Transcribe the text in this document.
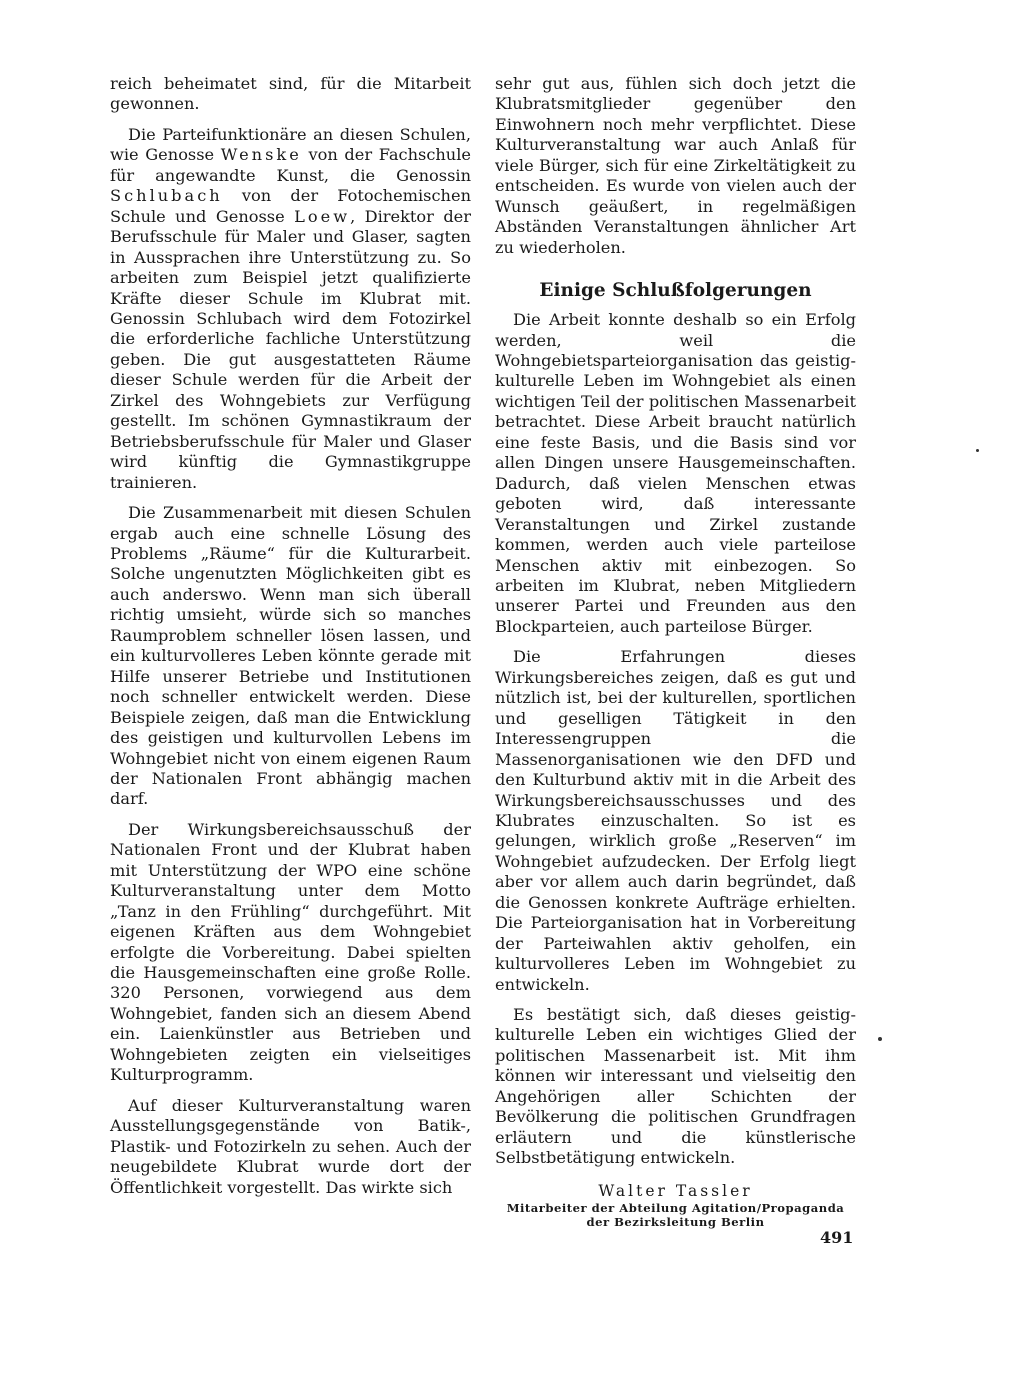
reich beheimatet sind, für die Mitarbeit gewonnen.

Die Parteifunktionäre an diesen Schulen, wie Genosse Wenske von der Fachschule für angewandte Kunst, die Genossin Schlubach von der Fotochemischen Schule und Genosse Loew, Direktor der Berufsschule für Maler und Glaser, sagten in Aussprachen ihre Unterstützung zu. So arbeiten zum Beispiel jetzt qualifizierte Kräfte dieser Schule im Klubrat mit. Genossin Schlubach wird dem Fotozirkel die erforderliche fachliche Unterstützung geben. Die gut ausgestatteten Räume dieser Schule werden für die Arbeit der Zirkel des Wohngebiets zur Verfügung gestellt. Im schönen Gymnastikraum der Betriebsberufsschule für Maler und Glaser wird künftig die Gymnastikgruppe trainieren.

Die Zusammenarbeit mit diesen Schulen ergab auch eine schnelle Lösung des Problems „Räume“ für die Kulturarbeit. Solche ungenutzten Möglichkeiten gibt es auch anderswo. Wenn man sich überall richtig umsieht, würde sich so manches Raumproblem schneller lösen lassen, und ein kulturvolleres Leben könnte gerade mit Hilfe unserer Betriebe und Institutionen noch schneller entwickelt werden. Diese Beispiele zeigen, daß man die Entwicklung des geistigen und kulturvollen Lebens im Wohngebiet nicht von einem eigenen Raum der Nationalen Front abhängig machen darf.

Der Wirkungsbereichsausschuß der Nationalen Front und der Klubrat haben mit Unterstützung der WPO eine schöne Kulturveranstaltung unter dem Motto „Tanz in den Frühling“ durchgeführt. Mit eigenen Kräften aus dem Wohngebiet erfolgte die Vorbereitung. Dabei spielten die Hausgemeinschaften eine große Rolle. 320 Personen, vorwiegend aus dem Wohngebiet, fanden sich an diesem Abend ein. Laienkünstler aus Betrieben und Wohngebieten zeigten ein vielseitiges Kulturprogramm.

Auf dieser Kulturveranstaltung waren Ausstellungsgegenstände von Batik-, Plastik- und Fotozirkeln zu sehen. Auch der neugebildete Klubrat wurde dort der Öffentlichkeit vorgestellt. Das wirkte sich

sehr gut aus, fühlen sich doch jetzt die Klubratsmitglieder gegenüber den Einwohnern noch mehr verpflichtet. Diese Kulturveranstaltung war auch Anlaß für viele Bürger, sich für eine Zirkeltätigkeit zu entscheiden. Es wurde von vielen auch der Wunsch geäußert, in regelmäßigen Abständen Veranstaltungen ähnlicher Art zu wiederholen.

Einige Schlußfolgerungen

Die Arbeit konnte deshalb so ein Erfolg werden, weil die Wohngebietsparteiorganisation das geistig-kulturelle Leben im Wohngebiet als einen wichtigen Teil der politischen Massenarbeit betrachtet. Diese Arbeit braucht natürlich eine feste Basis, und die Basis sind vor allen Dingen unsere Hausgemeinschaften. Dadurch, daß vielen Menschen etwas geboten wird, daß interessante Veranstaltungen und Zirkel zustande kommen, werden auch viele parteilose Menschen aktiv mit einbezogen. So arbeiten im Klubrat, neben Mitgliedern unserer Partei und Freunden aus den Blockparteien, auch parteilose Bürger.

Die Erfahrungen dieses Wirkungsbereiches zeigen, daß es gut und nützlich ist, bei der kulturellen, sportlichen und geselligen Tätigkeit in den Interessengruppen die Massenorganisationen wie den DFD und den Kulturbund aktiv mit in die Arbeit des Wirkungsbereichsausschusses und des Klubrates einzuschalten. So ist es gelungen, wirklich große „Reserven“ im Wohngebiet aufzudecken. Der Erfolg liegt aber vor allem auch darin begründet, daß die Genossen konkrete Aufträge erhielten. Die Parteiorganisation hat in Vorbereitung der Parteiwahlen aktiv geholfen, ein kulturvolleres Leben im Wohngebiet zu entwickeln.

Es bestätigt sich, daß dieses geistig-kulturelle Leben ein wichtiges Glied der politischen Massenarbeit ist. Mit ihm können wir interessant und vielseitig den Angehörigen aller Schichten der Bevölkerung die politischen Grundfragen erläutern und die künstlerische Selbstbetätigung entwickeln.

Walter Tassler
Mitarbeiter der Abteilung Agitation/Propaganda
der Bezirksleitung Berlin
491
